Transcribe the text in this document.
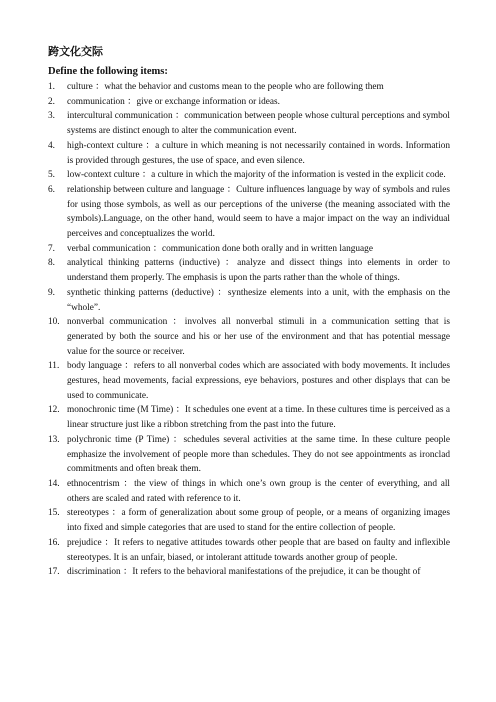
跨文化交际
Define the following items:
1.	culture ：what the behavior and customs mean to the people who are following them
2.	communication ：give or exchange information or ideas.
3.	intercultural communication ：communication between people whose cultural perceptions and symbol systems are distinct enough to alter the communication event.
4.	high-context culture ：a culture in which meaning is not necessarily contained in words. Information is provided through gestures, the use of space, and even silence.
5.	low-context culture ：a culture in which the majority of the information is vested in the explicit code.
6.	relationship between culture and language ：Culture influences language by way of symbols and rules for using those symbols, as well as our perceptions of the universe (the meaning associated with the symbols).Language, on the other hand, would seem to have a major impact on the way an individual perceives and conceptualizes the world.
7.	verbal communication ：communication done both orally and in written language
8.	analytical thinking patterns (inductive) ：analyze and dissect things into elements in order to understand them properly. The emphasis is upon the parts rather than the whole of things.
9.	synthetic thinking patterns (deductive) ：synthesize elements into a unit, with the emphasis on the “whole”.
10. nonverbal communication ：involves all nonverbal stimuli in a communication setting that is generated by both the source and his or her use of the environment and that has potential message value for the source or receiver.
11. body language ：refers to all nonverbal codes which are associated with body movements. It includes gestures, head movements, facial expressions, eye behaviors, postures and other displays that can be used to communicate.
12. monochronic time (M Time) ：It schedules one event at a time. In these cultures time is perceived as a linear structure just like a ribbon stretching from the past into the future.
13. polychronic time (P Time) ：schedules several activities at the same time. In these culture people emphasize the involvement of people more than schedules. They do not see appointments as ironclad commitments and often break them.
14. ethnocentrism ：the view of things in which one’s own group is the center of everything, and all others are scaled and rated with reference to it.
15. stereotypes ：a form of generalization about some group of people, or a means of organizing images into fixed and simple categories that are used to stand for the entire collection of people.
16. prejudice ：It refers to negative attitudes towards other people that are based on faulty and inflexible stereotypes. It is an unfair, biased, or intolerant attitude towards another group of people.
17. discrimination ：It refers to the behavioral manifestations of the prejudice, it can be thought of
